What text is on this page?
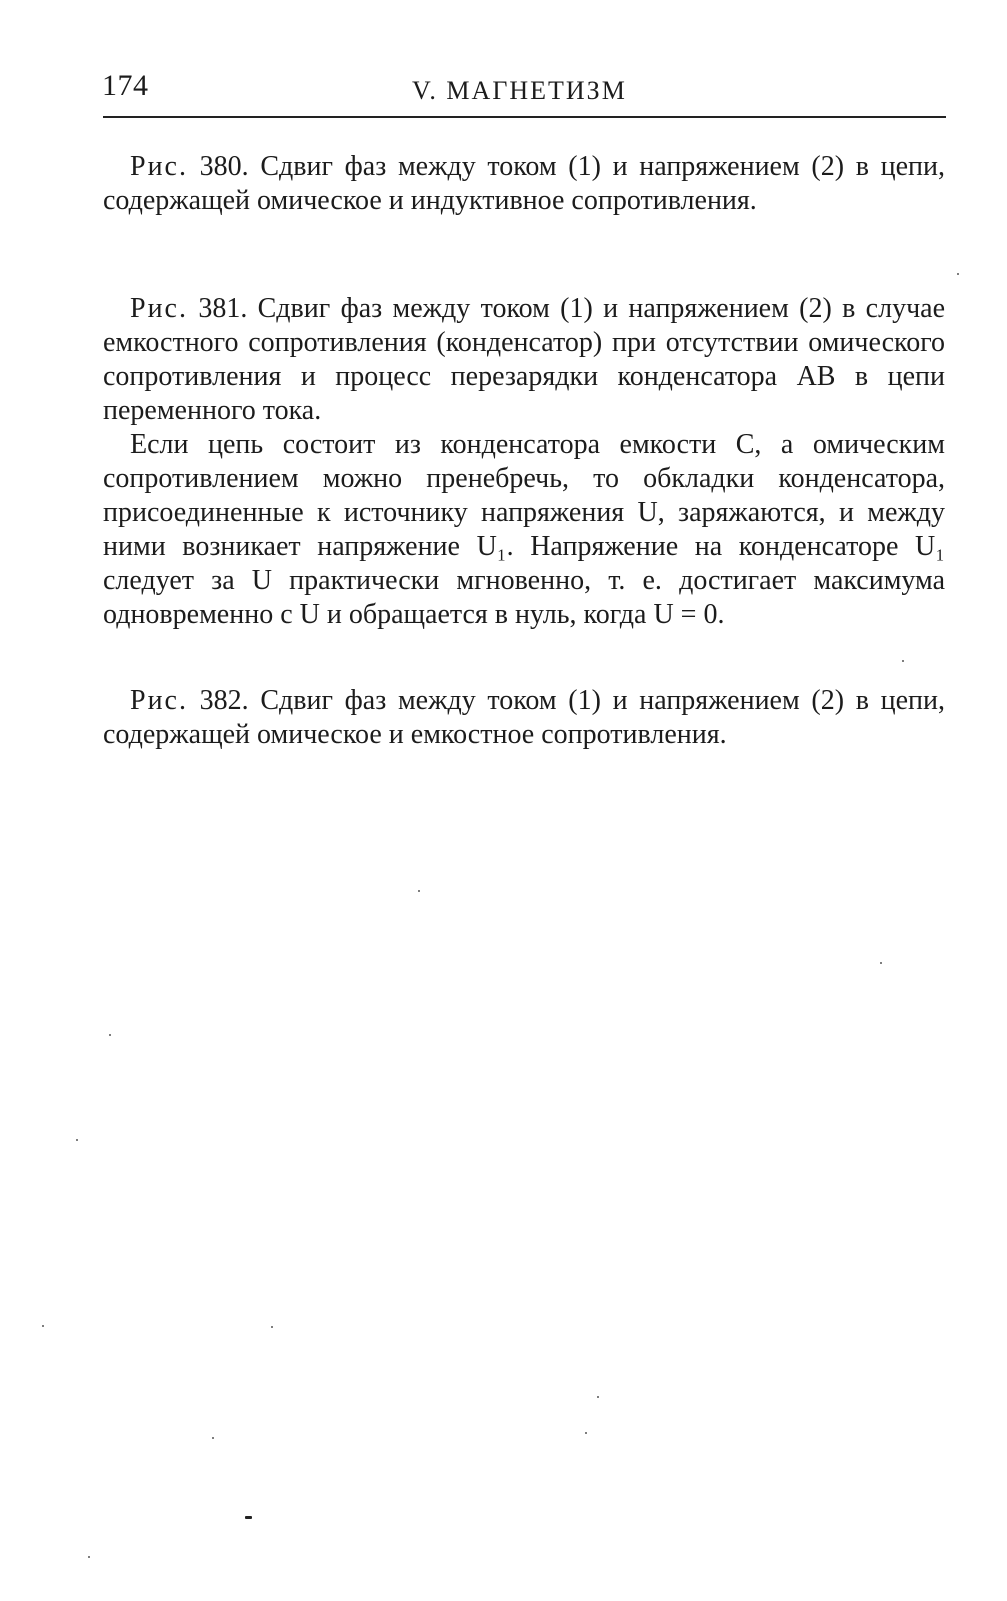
174	V. МАГНЕТИЗМ
Рис. 380. Сдвиг фаз между током (1) и напряжением (2) в цепи, содержащей омическое и индуктивное сопротивления.
Рис. 381. Сдвиг фаз между током (1) и напряжением (2) в случае емкостного сопротивления (конденсатор) при отсутствии омического сопротивления и процесс перезарядки конденсатора AB в цепи переменного тока.
Если цепь состоит из конденсатора емкости C, а омическим сопротивлением можно пренебречь, то обкладки конденсатора, присоединенные к источнику напряжения U, заряжаются, и между ними возникает напряжение U₁. Напряжение на конденсаторе U₁ следует за U практически мгновенно, т. е. достигает максимума одновременно с U и обращается в нуль, когда U = 0.
Рис. 382. Сдвиг фаз между током (1) и напряжением (2) в цепи, содержащей омическое и емкостное сопротивления.
